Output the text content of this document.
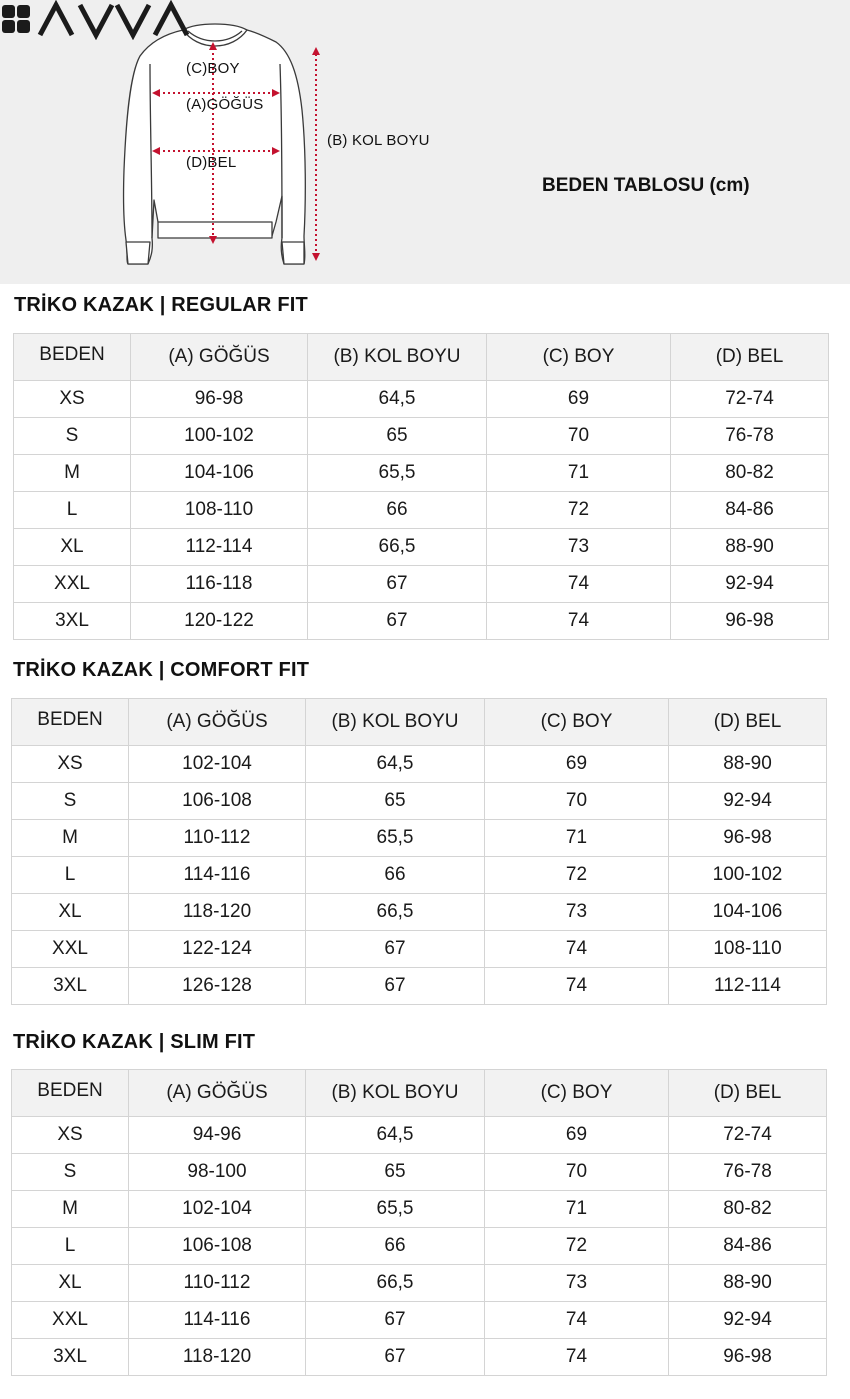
(C)BOY
(A)GÖĞÜS
(D)BEL
(B) KOL BOYU
BEDEN TABLOSU (cm)
TRİKO KAZAK | REGULAR FIT
BEDEN	(A) GÖĞÜS	(B) KOL BOYU	(C) BOY	(D) BEL
XS	96-98	64,5	69	72-74
S	100-102	65	70	76-78
M	104-106	65,5	71	80-82
L	108-110	66	72	84-86
XL	112-114	66,5	73	88-90
XXL	116-118	67	74	92-94
3XL	120-122	67	74	96-98
TRİKO KAZAK | COMFORT FIT
BEDEN	(A) GÖĞÜS	(B) KOL BOYU	(C) BOY	(D) BEL
XS	102-104	64,5	69	88-90
S	106-108	65	70	92-94
M	110-112	65,5	71	96-98
L	114-116	66	72	100-102
XL	118-120	66,5	73	104-106
XXL	122-124	67	74	108-110
3XL	126-128	67	74	112-114
TRİKO KAZAK | SLIM FIT
BEDEN	(A) GÖĞÜS	(B) KOL BOYU	(C) BOY	(D) BEL
XS	94-96	64,5	69	72-74
S	98-100	65	70	76-78
M	102-104	65,5	71	80-82
L	106-108	66	72	84-86
XL	110-112	66,5	73	88-90
XXL	114-116	67	74	92-94
3XL	118-120	67	74	96-98
